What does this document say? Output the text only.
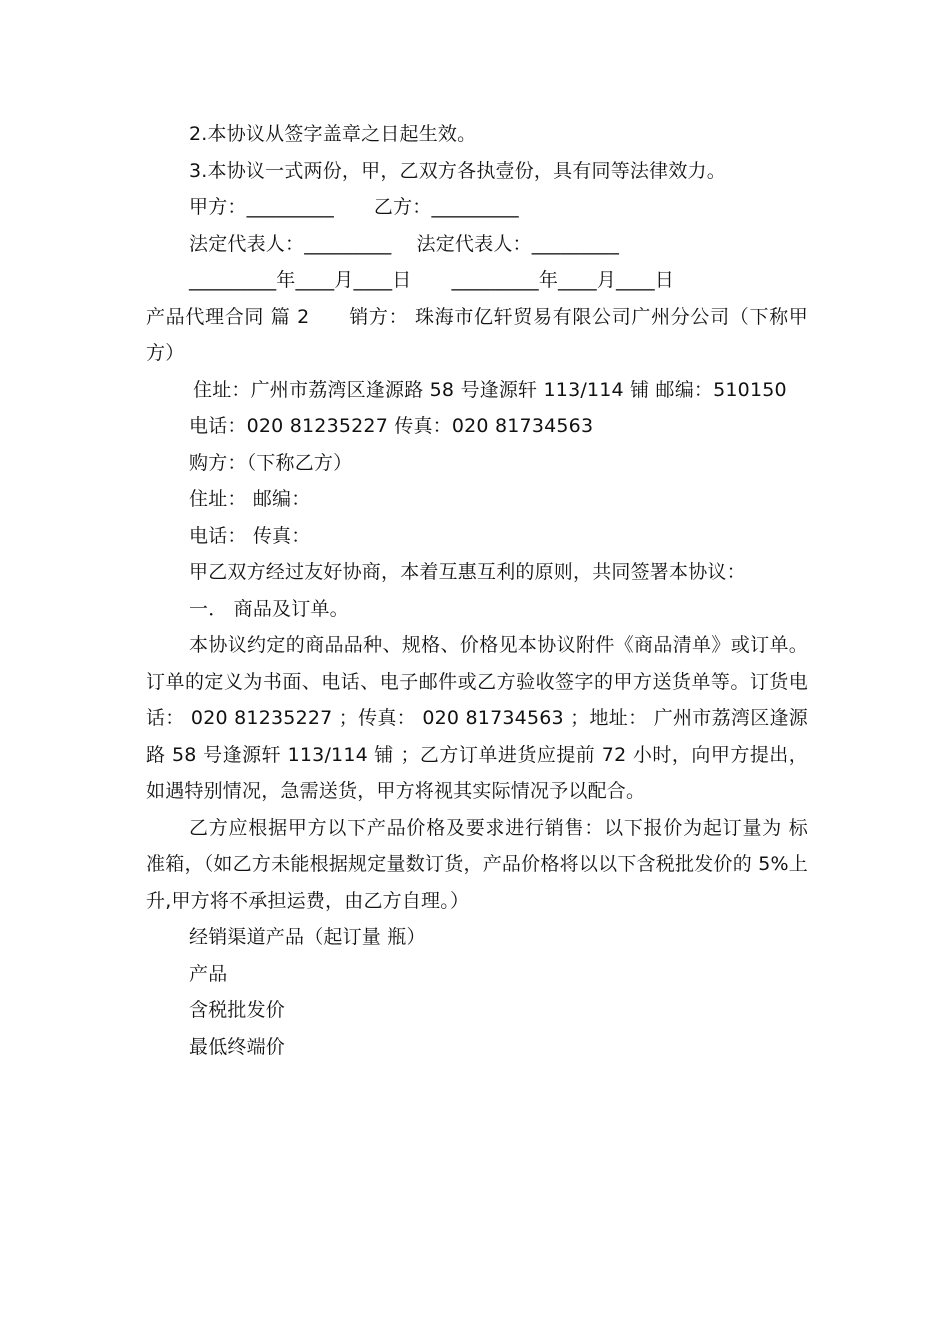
2.本协议从签字盖章之日起生效。

3.本协议一式两份，甲，乙双方各执壹份，具有同等法律效力。

甲方：_________ 乙方：_________
法定代表人：_________ 法定代表人：_________
_________年____月____日 _________年____月____日

产品代理合同 篇 2　　销方： 珠海市亿轩贸易有限公司广州分公司（下称甲方）

住址：广州市荔湾区逢源路 58 号逢源轩 113/114 铺 邮编：510150

电话：020 81235227 传真：020 81734563

购方：（下称乙方）

住址： 邮编：

电话： 传真：

甲乙双方经过友好协商，本着互惠互利的原则，共同签署本协议：

一． 商品及订单。

本协议约定的商品品种、规格、价格见本协议附件《商品清单》或订单。订单的定义为书面、电话、电子邮件或乙方验收签字的甲方送货单等。订货电话： 020 81235227 ；传真： 020 81734563 ；地址： 广州市荔湾区逢源路 58 号逢源轩 113/114 铺 ；乙方订单进货应提前 72 小时，向甲方提出，如遇特别情况，急需送货，甲方将视其实际情况予以配合。

乙方应根据甲方以下产品价格及要求进行销售：以下报价为起订量为 标准箱，（如乙方未能根据规定量数订货，产品价格将以以下含税批发价的 5%上升,甲方将不承担运费，由乙方自理。）

经销渠道产品（起订量 瓶）

产品

含税批发价

最低终端价
